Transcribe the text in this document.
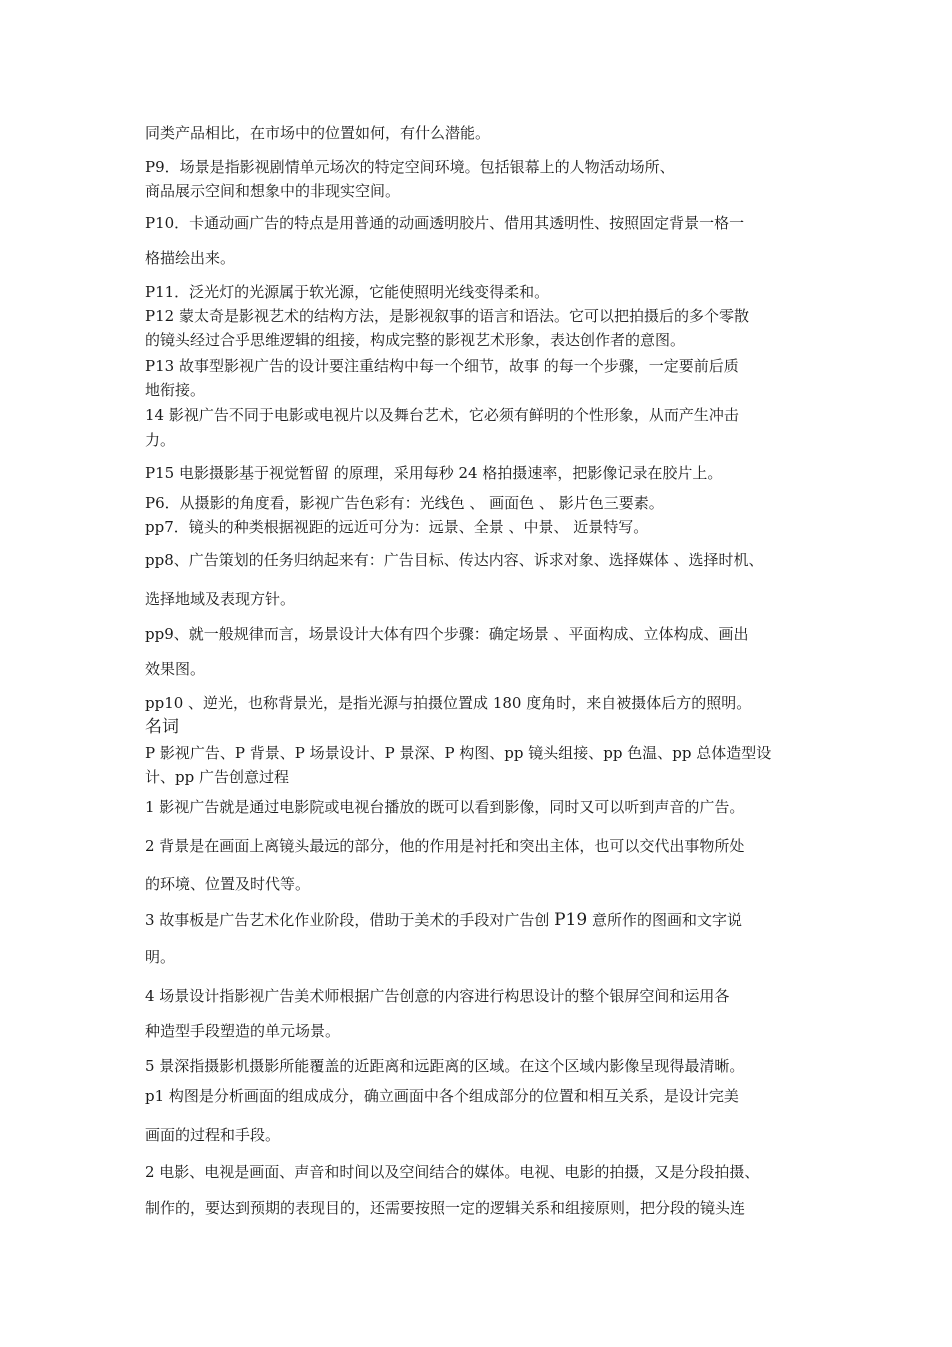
同类产品相比，在市场中的位置如何，有什么潜能。
P9．场景是指影视剧情单元场次的特定空间环境。包括银幕上的人物活动场所、
商品展示空间和想象中的非现实空间。
P10．卡通动画广告的特点是用普通的动画透明胶片、借用其透明性、按照固定背景一格一
格描绘出来。
P11．泛光灯的光源属于软光源，它能使照明光线变得柔和。
P12 蒙太奇是影视艺术的结构方法，是影视叙事的语言和语法。它可以把拍摄后的多个零散
的镜头经过合乎思维逻辑的组接，构成完整的影视艺术形象，表达创作者的意图。
P13 故事型影视广告的设计要注重结构中每一个细节，故事 的每一个步骤，一定要前后质
地衔接。
14 影视广告不同于电影或电视片以及舞台艺术，它必须有鲜明的个性形象，从而产生冲击
力。
P15 电影摄影基于视觉暂留 的原理，采用每秒 24 格拍摄速率，把影像记录在胶片上。
P6．从摄影的角度看，影视广告色彩有：光线色 、 画面色 、 影片色三要素。
pp7．镜头的种类根据视距的远近可分为：远景、全景 、中景、 近景特写。
pp8、广告策划的任务归纳起来有：广告目标、传达内容、诉求对象、选择媒体 、选择时机、
选择地域及表现方针。
pp9、就一般规律而言，场景设计大体有四个步骤：确定场景 、平面构成、立体构成、画出
效果图。
pp10 、逆光，也称背景光，是指光源与拍摄位置成 180 度角时，来自被摄体后方的照明。
名词
P 影视广告、P 背景、P 场景设计、P 景深、P 构图、pp 镜头组接、pp 色温、pp 总体造型设
计、pp 广告创意过程
1 影视广告就是通过电影院或电视台播放的既可以看到影像，同时又可以听到声音的广告。
2 背景是在画面上离镜头最远的部分，他的作用是衬托和突出主体，也可以交代出事物所处
的环境、位置及时代等。
3 故事板是广告艺术化作业阶段，借助于美术的手段对广告创 P19 意所作的图画和文字说
明。
4 场景设计指影视广告美术师根据广告创意的内容进行构思设计的整个银屏空间和运用各
种造型手段塑造的单元场景。
5 景深指摄影机摄影所能覆盖的近距离和远距离的区域。在这个区域内影像呈现得最清晰。
p1 构图是分析画面的组成成分，确立画面中各个组成部分的位置和相互关系，是设计完美
画面的过程和手段。
2 电影、电视是画面、声音和时间以及空间结合的媒体。电视、电影的拍摄，又是分段拍摄、
制作的，要达到预期的表现目的，还需要按照一定的逻辑关系和组接原则，把分段的镜头连
